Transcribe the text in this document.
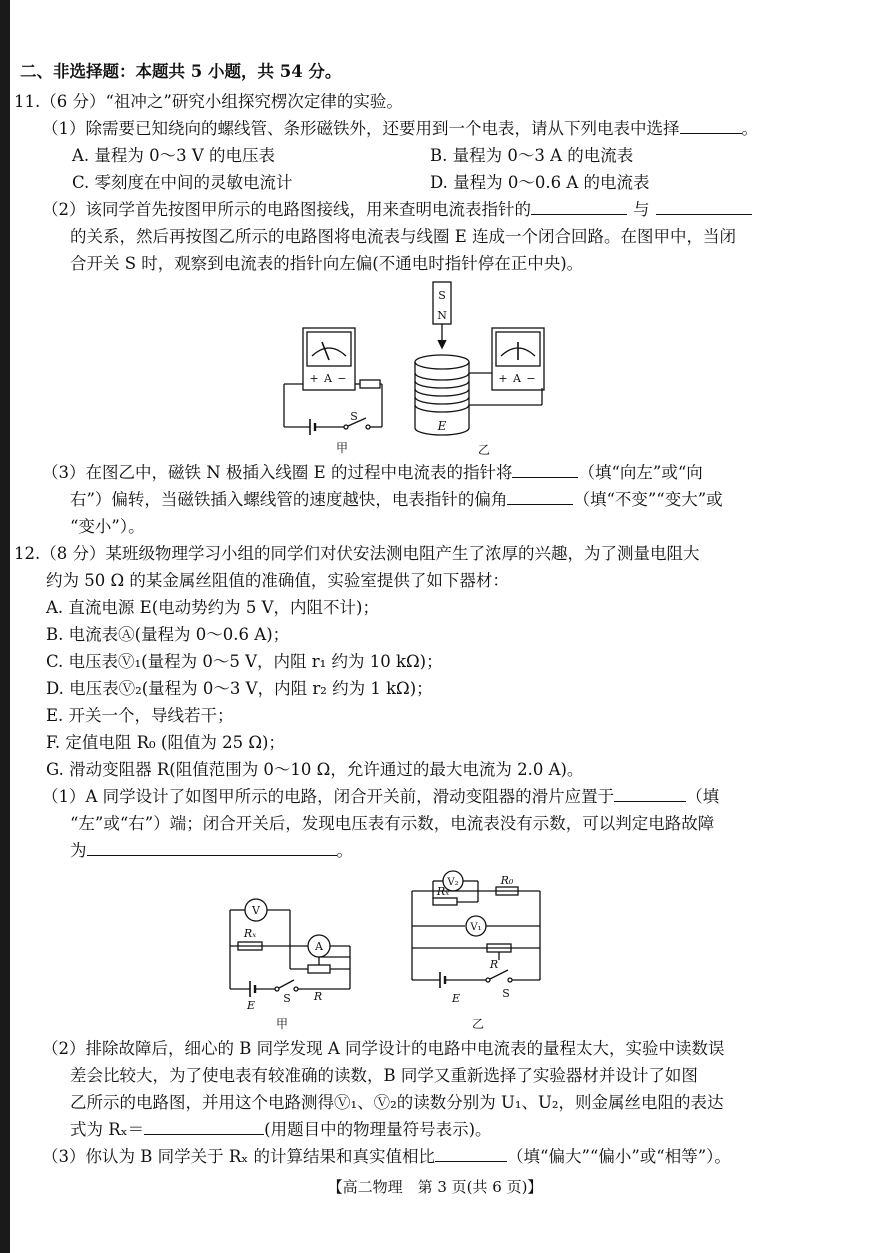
二、非选择题：本题共 5 小题，共 54 分。
11.（6 分）“祖冲之”研究小组探究楞次定律的实验。
（1）除需要已知绕向的螺线管、条形磁铁外，还要用到一个电表，请从下列电表中选择	。
A. 量程为 0～3 V 的电压表	B. 量程为 0～3 A 的电流表
C. 零刻度在中间的灵敏电流计	D. 量程为 0～0.6 A 的电流表
（2）该同学首先按图甲所示的电路图接线，用来查明电流表指针的	与
的关系，然后再按图乙所示的电路图将电流表与线圈 E 连成一个闭合回路。在图甲中，当闭
合开关 S 时，观察到电流表的指针向左偏(不通电时指针停在正中央)。
S
N
+ A −	+ A −
S
E
甲	乙
（3）在图乙中，磁铁 N 极插入线圈 E 的过程中电流表的指针将	（填“向左”或“向
右”）偏转，当磁铁插入螺线管的速度越快，电表指针的偏角	（填“不变”“变大”或
“变小”）。
12.（8 分）某班级物理学习小组的同学们对伏安法测电阻产生了浓厚的兴趣，为了测量电阻大
约为 50 Ω 的某金属丝阻值的准确值，实验室提供了如下器材：
A. 直流电源 E(电动势约为 5 V，内阻不计)；
B. 电流表Ⓐ(量程为 0～0.6 A)；
C. 电压表Ⓥ₁(量程为 0～5 V，内阻 r₁ 约为 10 kΩ)；
D. 电压表Ⓥ₂(量程为 0～3 V，内阻 r₂ 约为 1 kΩ)；
E. 开关一个，导线若干；
F. 定值电阻 R₀ (阻值为 25 Ω)；
G. 滑动变阻器 R(阻值范围为 0～10 Ω，允许通过的最大电流为 2.0 A)。
（1）A 同学设计了如图甲所示的电路，闭合开关前，滑动变阻器的滑片应置于	（填
“左”或“右”）端；闭合开关后，发现电压表有示数，电流表没有示数，可以判定电路故障
为	。
V
A
Rₓ
E
S R
甲
V₂
V₁
Rₓ
R₀
R
E	S
乙
（2）排除故障后，细心的 B 同学发现 A 同学设计的电路中电流表的量程太大，实验中读数误
差会比较大，为了使电表有较准确的读数，B 同学又重新选择了实验器材并设计了如图
乙所示的电路图，并用这个电路测得Ⓥ₁、Ⓥ₂的读数分别为 U₁、U₂，则金属丝电阻的表达
式为 Rₓ＝	(用题目中的物理量符号表示)。
（3）你认为 B 同学关于 Rₓ 的计算结果和真实值相比	（填“偏大”“偏小”或“相等”）。
【高二物理　第 3 页(共 6 页)】
